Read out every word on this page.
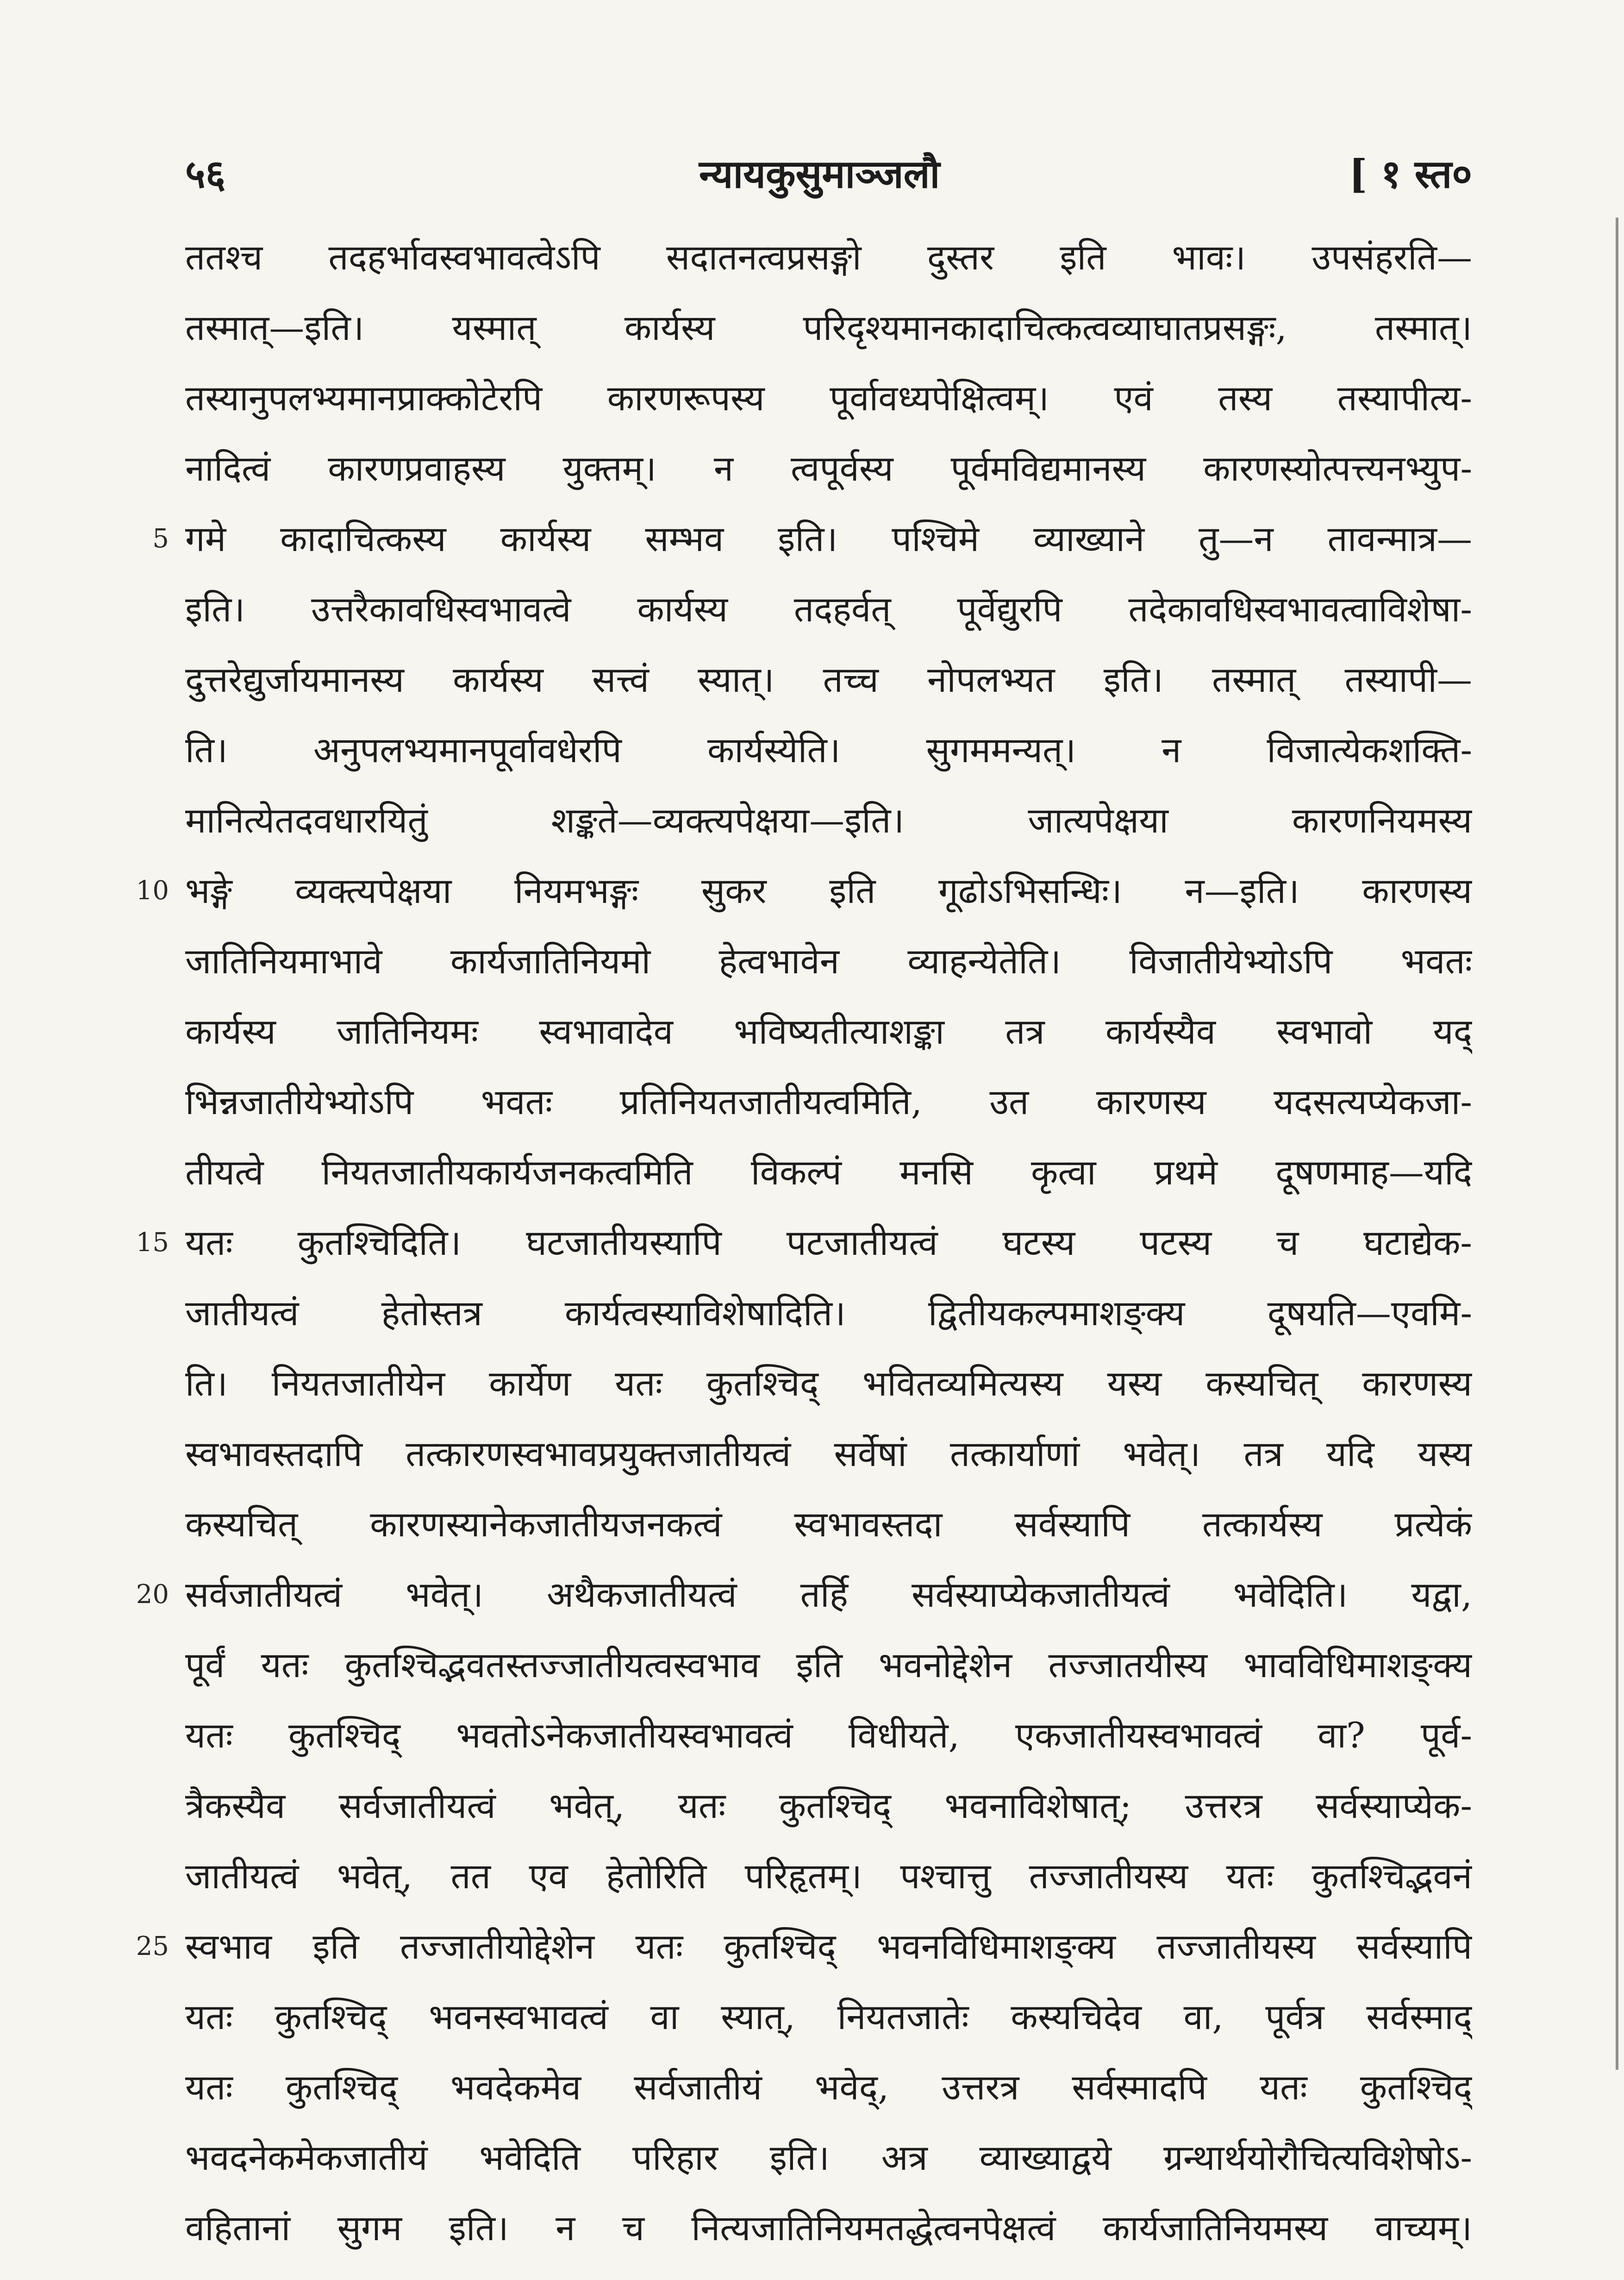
५६	न्यायकुसुमाञ्जलौ	[ १ स्त०
ततश्च तदहर्भावस्वभावत्वेऽपि सदातनत्वप्रसङ्गो दुस्तर इति भावः। उपसंहरति—
तस्मात्—इति। यस्मात् कार्यस्य परिदृश्यमानकादाचित्कत्वव्याघातप्रसङ्गः, तस्मात्।
तस्यानुपलभ्यमानप्राक्कोटेरपि कारणरूपस्य पूर्वावध्यपेक्षित्वम्। एवं तस्य तस्यापीत्य-
नादित्वं कारणप्रवाहस्य युक्तम्। न त्वपूर्वस्य पूर्वमविद्यमानस्य कारणस्योत्पत्त्यनभ्युप-
गमे कादाचित्कस्य कार्यस्य सम्भव इति। पश्चिमे व्याख्याने तु—न तावन्मात्र—
इति। उत्तरैकावधिस्वभावत्वे कार्यस्य तदहर्वत् पूर्वेद्युरपि तदेकावधिस्वभावत्वाविशेषा-
दुत्तरेद्युर्जायमानस्य कार्यस्य सत्त्वं स्यात्। तच्च नोपलभ्यत इति। तस्मात् तस्यापी—
ति। अनुपलभ्यमानपूर्वावधेरपि कार्यस्येति। सुगममन्यत्। न विजात्येकशक्ति-
मानित्येतदवधारयितुं शङ्कते—व्यक्त्यपेक्षया—इति। जात्यपेक्षया कारणनियमस्य
भङ्गे व्यक्त्यपेक्षया नियमभङ्गः सुकर इति गूढोऽभिसन्धिः। न—इति। कारणस्य
जातिनियमाभावे कार्यजातिनियमो हेत्वभावेन व्याहन्येतेति। विजातीयेभ्योऽपि भवतः
कार्यस्य जातिनियमः स्वभावादेव भविष्यतीत्याशङ्का तत्र कार्यस्यैव स्वभावो यद्
भिन्नजातीयेभ्योऽपि भवतः प्रतिनियतजातीयत्वमिति, उत कारणस्य यदसत्यप्येकजा-
तीयत्वे नियतजातीयकार्यजनकत्वमिति विकल्पं मनसि कृत्वा प्रथमे दूषणमाह—यदि
यतः कुतश्चिदिति। घटजातीयस्यापि पटजातीयत्वं घटस्य पटस्य च घटाद्येक-
जातीयत्वं हेतोस्तत्र कार्यत्वस्याविशेषादिति। द्वितीयकल्पमाशङ्क्य दूषयति—एवमि-
ति। नियतजातीयेन कार्येण यतः कुतश्चिद् भवितव्यमित्यस्य यस्य कस्यचित् कारणस्य
स्वभावस्तदापि तत्कारणस्वभावप्रयुक्तजातीयत्वं सर्वेषां तत्कार्याणां भवेत्। तत्र यदि यस्य
कस्यचित् कारणस्यानेकजातीयजनकत्वं स्वभावस्तदा सर्वस्यापि तत्कार्यस्य प्रत्येकं
सर्वजातीयत्वं भवेत्। अथैकजातीयत्वं तर्हि सर्वस्याप्येकजातीयत्वं भवेदिति। यद्वा,
पूर्वं यतः कुतश्चिद्भवतस्तज्जातीयत्वस्वभाव इति भवनोद्देशेन तज्जातयीस्य भावविधिमाशङ्क्य
यतः कुतश्चिद् भवतोऽनेकजातीयस्वभावत्वं विधीयते, एकजातीयस्वभावत्वं वा? पूर्व-
त्रैकस्यैव सर्वजातीयत्वं भवेत्, यतः कुतश्चिद् भवनाविशेषात्; उत्तरत्र सर्वस्याप्येक-
जातीयत्वं भवेत्, तत एव हेतोरिति परिहृतम्। पश्चात्तु तज्जातीयस्य यतः कुतश्चिद्भवनं
स्वभाव इति तज्जातीयोद्देशेन यतः कुतश्चिद् भवनविधिमाशङ्क्य तज्जातीयस्य सर्वस्यापि
यतः कुतश्चिद् भवनस्वभावत्वं वा स्यात्, नियतजातेः कस्यचिदेव वा, पूर्वत्र सर्वस्माद्
यतः कुतश्चिद् भवदेकमेव सर्वजातीयं भवेद्, उत्तरत्र सर्वस्मादपि यतः कुतश्चिद्
भवदनेकमेकजातीयं भवेदिति परिहार इति। अत्र व्याख्याद्वये ग्रन्थार्थयोरौचित्यविशेषोऽ-
वहितानां सुगम इति। न च नित्यजातिनियमतद्धेत्वनपेक्षत्वं कार्यजातिनियमस्य वाच्यम्।
5
10
15
20
25
